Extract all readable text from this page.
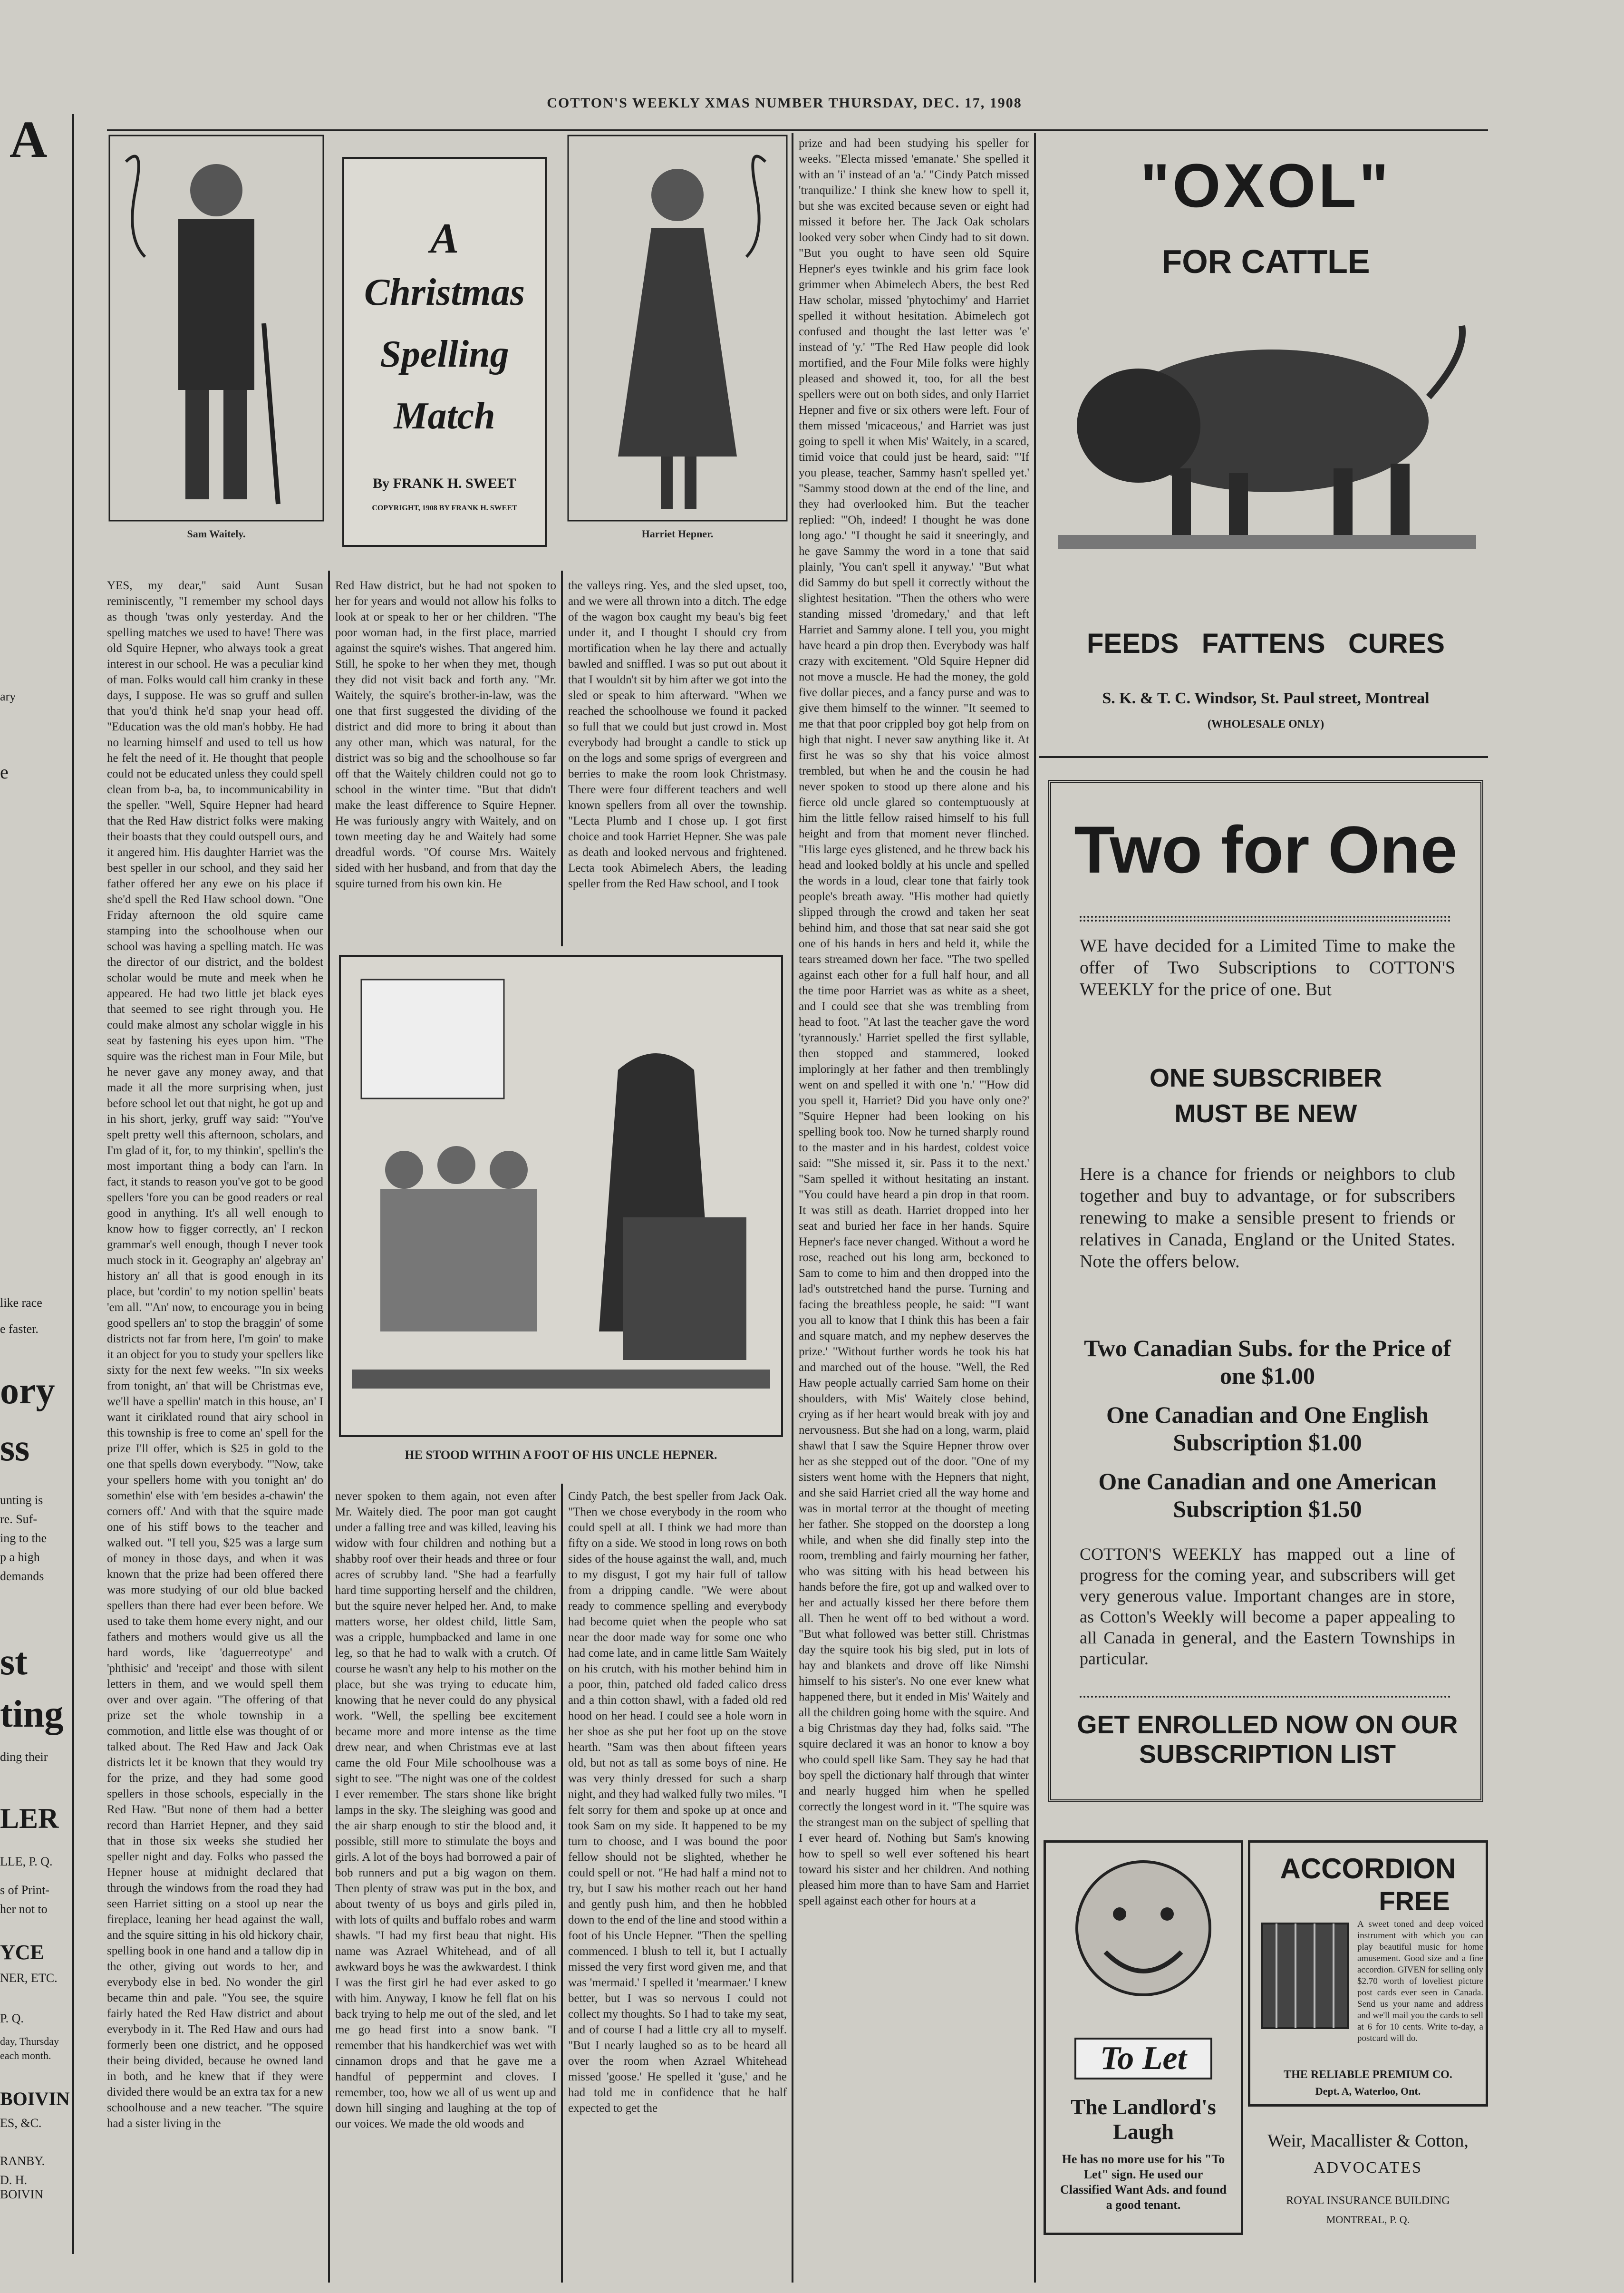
COTTON'S WEEKLY XMAS NUMBER THURSDAY, DEC. 17, 1908
A
ary
e
like race
e faster.
ory
ss
unting is
re. Suf-
ing to the
p a high
demands
st
ting
ding their
LER
LLE, P. Q.
s of Print-
her not to
YCE
NER, ETC.
P. Q.
day, Thursday
each month.
BOIVIN
ES, &C.
RANBY.
D. H. BOIVIN
Sam Waitely.
A
Christmas
Spelling
Match
By FRANK H. SWEET
COPYRIGHT, 1908 BY FRANK H. SWEET
Harriet Hepner.
YES, my dear," said Aunt Susan reminiscently, "I remember my school days as though 'twas only yesterday. And the spelling matches we used to have! There was old Squire Hepner, who always took a great interest in our school. He was a peculiar kind of man. Folks would call him cranky in these days, I suppose. He was so gruff and sullen that you'd think he'd snap your head off. "Education was the old man's hobby. He had no learning himself and used to tell us how he felt the need of it. He thought that people could not be educated unless they could spell clean from b-a, ba, to incommunicability in the speller. "Well, Squire Hepner had heard that the Red Haw district folks were making their boasts that they could outspell ours, and it angered him. His daughter Harriet was the best speller in our school, and they said her father offered her any ewe on his place if she'd spell the Red Haw school down. "One Friday afternoon the old squire came stamping into the schoolhouse when our school was having a spelling match. He was the director of our district, and the boldest scholar would be mute and meek when he appeared. He had two little jet black eyes that seemed to see right through you. He could make almost any scholar wiggle in his seat by fastening his eyes upon him. "The squire was the richest man in Four Mile, but he never gave any money away, and that made it all the more surprising when, just before school let out that night, he got up and in his short, jerky, gruff way said: "'You've spelt pretty well this afternoon, scholars, and I'm glad of it, for, to my thinkin', spellin's the most important thing a body can l'arn. In fact, it stands to reason you've got to be good spellers 'fore you can be good readers or real good in anything. It's all well enough to know how to figger correctly, an' I reckon grammar's well enough, though I never took much stock in it. Geography an' algebray an' history an' all that is good enough in its place, but 'cordin' to my notion spellin' beats 'em all. "'An' now, to encourage you in being good spellers an' to stop the braggin' of some districts not far from here, I'm goin' to make it an object for you to study your spellers like sixty for the next few weeks. "'In six weeks from tonight, an' that will be Christmas eve, we'll have a spellin' match in this house, an' I want it ciriklated round that airy school in this township is free to come an' spell for the prize I'll offer, which is $25 in gold to the one that spells down everybody. "'Now, take your spellers home with you tonight an' do somethin' else with 'em besides a-chawin' the corners off.' And with that the squire made one of his stiff bows to the teacher and walked out. "I tell you, $25 was a large sum of money in those days, and when it was known that the prize had been offered there was more studying of our old blue backed spellers than there had ever been before. We used to take them home every night, and our fathers and mothers would give us all the hard words, like 'daguerreotype' and 'phthisic' and 'receipt' and those with silent letters in them, and we would spell them over and over again. "The offering of that prize set the whole township in a commotion, and little else was thought of or talked about. The Red Haw and Jack Oak districts let it be known that they would try for the prize, and they had some good spellers in those schools, especially in the Red Haw. "But none of them had a better record than Harriet Hepner, and they said that in those six weeks she studied her speller night and day. Folks who passed the Hepner house at midnight declared that through the windows from the road they had seen Harriet sitting on a stool up near the fireplace, leaning her head against the wall, and the squire sitting in his old hickory chair, spelling book in one hand and a tallow dip in the other, giving out words to her, and everybody else in bed. No wonder the girl became thin and pale. "You see, the squire fairly hated the Red Haw district and about everybody in it. The Red Haw and ours had formerly been one district, and he opposed their being divided, because he owned land in both, and he knew that if they were divided there would be an extra tax for a new schoolhouse and a new teacher. "The squire had a sister living in the
Red Haw district, but he had not spoken to her for years and would not allow his folks to look at or speak to her or her children. "The poor woman had, in the first place, married against the squire's wishes. That angered him. Still, he spoke to her when they met, though they did not visit back and forth any. "Mr. Waitely, the squire's brother-in-law, was the one that first suggested the dividing of the district and did more to bring it about than any other man, which was natural, for the district was so big and the schoolhouse so far off that the Waitely children could not go to school in the winter time. "But that didn't make the least difference to Squire Hepner. He was furiously angry with Waitely, and on town meeting day he and Waitely had some dreadful words. "Of course Mrs. Waitely sided with her husband, and from that day the squire turned from his own kin. He
the valleys ring. Yes, and the sled upset, too, and we were all thrown into a ditch. The edge of the wagon box caught my beau's big feet under it, and I thought I should cry from mortification when he lay there and actually bawled and sniffled. I was so put out about it that I wouldn't sit by him after we got into the sled or speak to him afterward. "When we reached the schoolhouse we found it packed so full that we could but just crowd in. Most everybody had brought a candle to stick up on the logs and some sprigs of evergreen and berries to make the room look Christmasy. There were four different teachers and well known spellers from all over the township. "Lecta Plumb and I chose up. I got first choice and took Harriet Hepner. She was pale as death and looked nervous and frightened. Lecta took Abimelech Abers, the leading speller from the Red Haw school, and I took
HE STOOD WITHIN A FOOT OF HIS UNCLE HEPNER.
never spoken to them again, not even after Mr. Waitely died. The poor man got caught under a falling tree and was killed, leaving his widow with four children and nothing but a shabby roof over their heads and three or four acres of scrubby land. "She had a fearfully hard time supporting herself and the children, but the squire never helped her. And, to make matters worse, her oldest child, little Sam, was a cripple, humpbacked and lame in one leg, so that he had to walk with a crutch. Of course he wasn't any help to his mother on the place, but she was trying to educate him, knowing that he never could do any physical work. "Well, the spelling bee excitement became more and more intense as the time drew near, and when Christmas eve at last came the old Four Mile schoolhouse was a sight to see. "The night was one of the coldest I ever remember. The stars shone like bright lamps in the sky. The sleighing was good and the air sharp enough to stir the blood and, it possible, still more to stimulate the boys and girls. A lot of the boys had borrowed a pair of bob runners and put a big wagon on them. Then plenty of straw was put in the box, and about twenty of us boys and girls piled in, with lots of quilts and buffalo robes and warm shawls. "I had my first beau that night. His name was Azrael Whitehead, and of all awkward boys he was the awkwardest. I think I was the first girl he had ever asked to go with him. Anyway, I know he fell flat on his back trying to help me out of the sled, and let me go head first into a snow bank. "I remember that his handkerchief was wet with cinnamon drops and that he gave me a handful of peppermint and cloves. I remember, too, how we all of us went up and down hill singing and laughing at the top of our voices. We made the old woods and
Cindy Patch, the best speller from Jack Oak. "Then we chose everybody in the room who could spell at all. I think we had more than fifty on a side. We stood in long rows on both sides of the house against the wall, and, much to my disgust, I got my hair full of tallow from a dripping candle. "We were about ready to commence spelling and everybody had become quiet when the people who sat near the door made way for some one who had come late, and in came little Sam Waitely on his crutch, with his mother behind him in a poor, thin, patched old faded calico dress and a thin cotton shawl, with a faded old red hood on her head. I could see a hole worn in her shoe as she put her foot up on the stove hearth. "Sam was then about fifteen years old, but not as tall as some boys of nine. He was very thinly dressed for such a sharp night, and they had walked fully two miles. "I felt sorry for them and spoke up at once and took Sam on my side. It happened to be my turn to choose, and I was bound the poor fellow should not be slighted, whether he could spell or not. "He had half a mind not to try, but I saw his mother reach out her hand and gently push him, and then he hobbled down to the end of the line and stood within a foot of his Uncle Hepner. "Then the spelling commenced. I blush to tell it, but I actually missed the very first word given me, and that was 'mermaid.' I spelled it 'mearmaer.' I knew better, but I was so nervous I could not collect my thoughts. So I had to take my seat, and of course I had a little cry all to myself. "But I nearly laughed so as to be heard all over the room when Azrael Whitehead missed 'goose.' He spelled it 'guse,' and he had told me in confidence that he half expected to get the
prize and had been studying his speller for weeks. "Electa missed 'emanate.' She spelled it with an 'i' instead of an 'a.' "Cindy Patch missed 'tranquilize.' I think she knew how to spell it, but she was excited because seven or eight had missed it before her. The Jack Oak scholars looked very sober when Cindy had to sit down. "But you ought to have seen old Squire Hepner's eyes twinkle and his grim face look grimmer when Abimelech Abers, the best Red Haw scholar, missed 'phytochimy' and Harriet spelled it without hesitation. Abimelech got confused and thought the last letter was 'e' instead of 'y.' "The Red Haw people did look mortified, and the Four Mile folks were highly pleased and showed it, too, for all the best spellers were out on both sides, and only Harriet Hepner and five or six others were left. Four of them missed 'micaceous,' and Harriet was just going to spell it when Mis' Waitely, in a scared, timid voice that could just be heard, said: "'If you please, teacher, Sammy hasn't spelled yet.' "Sammy stood down at the end of the line, and they had overlooked him. But the teacher replied: "'Oh, indeed! I thought he was done long ago.' "I thought he said it sneeringly, and he gave Sammy the word in a tone that said plainly, 'You can't spell it anyway.' "But what did Sammy do but spell it correctly without the slightest hesitation. "Then the others who were standing missed 'dromedary,' and that left Harriet and Sammy alone. I tell you, you might have heard a pin drop then. Everybody was half crazy with excitement. "Old Squire Hepner did not move a muscle. He had the money, the gold five dollar pieces, and a fancy purse and was to give them himself to the winner. "It seemed to me that that poor crippled boy got help from on high that night. I never saw anything like it. At first he was so shy that his voice almost trembled, but when he and the cousin he had never spoken to stood up there alone and his fierce old uncle glared so contemptuously at him the little fellow raised himself to his full height and from that moment never flinched. "His large eyes glistened, and he threw back his head and looked boldly at his uncle and spelled the words in a loud, clear tone that fairly took people's breath away. "His mother had quietly slipped through the crowd and taken her seat behind him, and those that sat near said she got one of his hands in hers and held it, while the tears streamed down her face. "The two spelled against each other for a full half hour, and all the time poor Harriet was as white as a sheet, and I could see that she was trembling from head to foot. "At last the teacher gave the word 'tyrannously.' Harriet spelled the first syllable, then stopped and stammered, looked imploringly at her father and then tremblingly went on and spelled it with one 'n.' "'How did you spell it, Harriet? Did you have only one?' "Squire Hepner had been looking on his spelling book too. Now he turned sharply round to the master and in his hardest, coldest voice said: "'She missed it, sir. Pass it to the next.' "Sam spelled it without hesitating an instant. "You could have heard a pin drop in that room. It was still as death. Harriet dropped into her seat and buried her face in her hands. Squire Hepner's face never changed. Without a word he rose, reached out his long arm, beckoned to Sam to come to him and then dropped into the lad's outstretched hand the purse. Turning and facing the breathless people, he said: "'I want you all to know that I think this has been a fair and square match, and my nephew deserves the prize.' "Without further words he took his hat and marched out of the house. "Well, the Red Haw people actually carried Sam home on their shoulders, with Mis' Waitely close behind, crying as if her heart would break with joy and nervousness. But she had on a long, warm, plaid shawl that I saw the Squire Hepner throw over her as she stepped out of the door. "One of my sisters went home with the Hepners that night, and she said Harriet cried all the way home and was in mortal terror at the thought of meeting her father. She stopped on the doorstep a long while, and when she did finally step into the room, trembling and fairly mourning her father, who was sitting with his head between his hands before the fire, got up and walked over to her and actually kissed her there before them all. Then he went off to bed without a word. "But what followed was better still. Christmas day the squire took his big sled, put in lots of hay and blankets and drove off like Nimshi himself to his sister's. No one ever knew what happened there, but it ended in Mis' Waitely and all the children going home with the squire. And a big Christmas day they had, folks said. "The squire declared it was an honor to know a boy who could spell like Sam. They say he had that boy spell the dictionary half through that winter and nearly hugged him when he spelled correctly the longest word in it. "The squire was the strangest man on the subject of spelling that I ever heard of. Nothing but Sam's knowing how to spell so well ever softened his heart toward his sister and her children. And nothing pleased him more than to have Sam and Harriet spell against each other for hours at a
"OXOL"
FOR CATTLE
FEEDS   FATTENS   CURES
S. K. & T. C. Windsor, St. Paul street, Montreal
(WHOLESALE ONLY)
Two for One
WE have decided for a Limited Time to make the offer of Two Subscriptions to COTTON'S WEEKLY for the price of one. But
ONE SUBSCRIBER
MUST BE NEW
Here is a chance for friends or neighbors to club together and buy to advantage, or for subscribers renewing to make a sensible present to friends or relatives in Canada, England or the United States. Note the offers below.
Two Canadian Subs. for the Price of one $1.00
One Canadian and One English Subscription $1.00
One Canadian and one American Subscription $1.50
COTTON'S WEEKLY has mapped out a line of progress for the coming year, and subscribers will get very generous value. Important changes are in store, as Cotton's Weekly will become a paper appealing to all Canada in general, and the Eastern Townships in particular.
GET ENROLLED NOW ON OUR SUBSCRIPTION LIST
To Let
The Landlord's Laugh
He has no more use for his "To Let" sign. He used our Classified Want Ads. and found a good tenant.
ACCORDION
FREE
A sweet toned and deep voiced instrument with which you can play beautiful music for home amusement. Good size and a fine accordion. GIVEN for selling only $2.70 worth of loveliest picture post cards ever seen in Canada. Send us your name and address and we'll mail you the cards to sell at 6 for 10 cents. Write to-day, a postcard will do.
THE RELIABLE PREMIUM CO.
Dept. A, Waterloo, Ont.
Weir, Macallister & Cotton,
ADVOCATES
ROYAL INSURANCE BUILDING
MONTREAL, P. Q.
